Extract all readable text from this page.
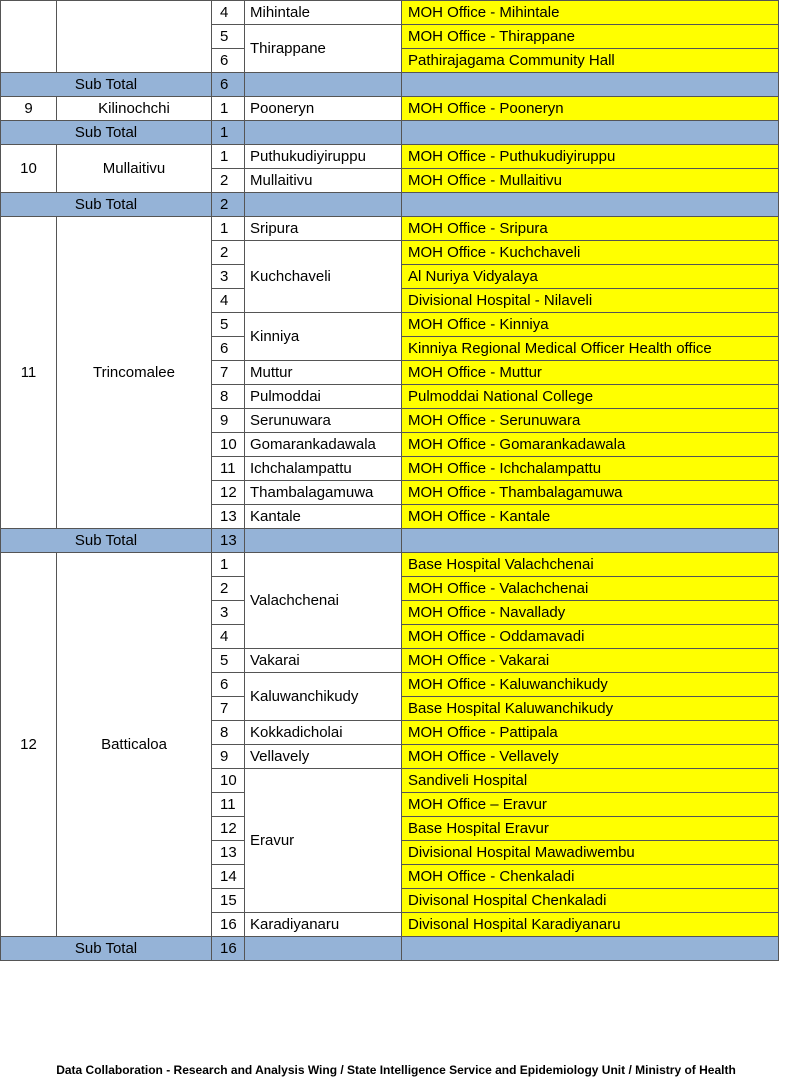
		4	Mihintale	MOH Office - Mihintale
		5	Thirappane	MOH Office - Thirappane
		6		Pathirajagama Community Hall
Sub Total		6		
9	Kilinochchi	1	Pooneryn	MOH Office - Pooneryn
Sub Total		1		
10	Mullaitivu	1	Puthukudiyiruppu	MOH Office - Puthukudiyiruppu
		2	Mullaitivu	MOH Office - Mullaitivu
Sub Total		2		
11	Trincomalee	1	Sripura	MOH Office - Sripura
		2	Kuchchaveli	MOH Office - Kuchchaveli
		3		Al Nuriya Vidyalaya
		4		Divisional Hospital - Nilaveli
		5	Kinniya	MOH Office - Kinniya
		6		Kinniya Regional Medical Officer Health office
		7	Muttur	MOH Office - Muttur
		8	Pulmoddai	Pulmoddai National College
		9	Serunuwara	MOH Office - Serunuwara
		10	Gomarankadawala	MOH Office - Gomarankadawala
		11	Ichchalampattu	MOH Office - Ichchalampattu
		12	Thambalagamuwa	MOH Office - Thambalagamuwa
		13	Kantale	MOH Office - Kantale
Sub Total		13		
12	Batticaloa	1	Valachchenai	Base Hospital Valachchenai
		2		MOH Office - Valachchenai
		3		MOH Office - Navallady
		4		MOH Office - Oddamavadi
		5	Vakarai	MOH Office - Vakarai
		6	Kaluwanchikudy	MOH Office - Kaluwanchikudy
		7		Base Hospital Kaluwanchikudy
		8	Kokkadicholai	MOH Office - Pattipala
		9	Vellavely	MOH Office - Vellavely
		10	Eravur	Sandiveli Hospital
		11		MOH Office – Eravur
		12		Base Hospital Eravur
		13		Divisional Hospital Mawadiwembu
		14		MOH Office - Chenkaladi
		15		Divisonal Hospital Chenkaladi
		16	Karadiyanaru	Divisonal Hospital Karadiyanaru
Sub Total		16		
Data Collaboration - Research and Analysis Wing / State Intelligence Service and Epidemiology Unit / Ministry of Health
